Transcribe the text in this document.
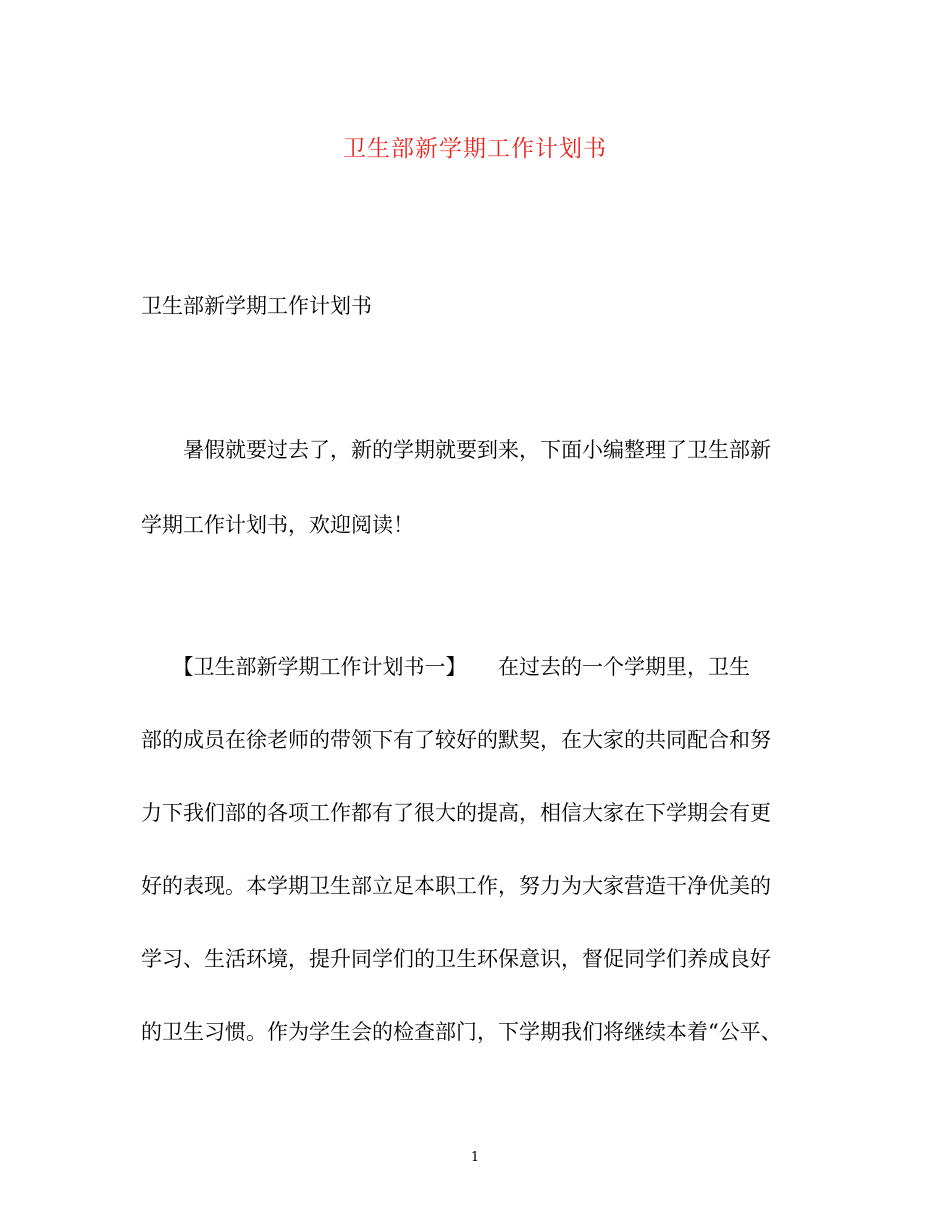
卫生部新学期工作计划书
卫生部新学期工作计划书
　　暑假就要过去了，新的学期就要到来，下面小编整理了卫生部新
学期工作计划书，欢迎阅读！
　　【卫生部新学期工作计划书一】　　在过去的一个学期里，卫生
部的成员在徐老师的带领下有了较好的默契，在大家的共同配合和努
力下我们部的各项工作都有了很大的提高，相信大家在下学期会有更
好的表现。本学期卫生部立足本职工作，努力为大家营造干净优美的
学习、生活环境，提升同学们的卫生环保意识，督促同学们养成良好
的卫生习惯。作为学生会的检查部门，下学期我们将继续本着“公平、
1
